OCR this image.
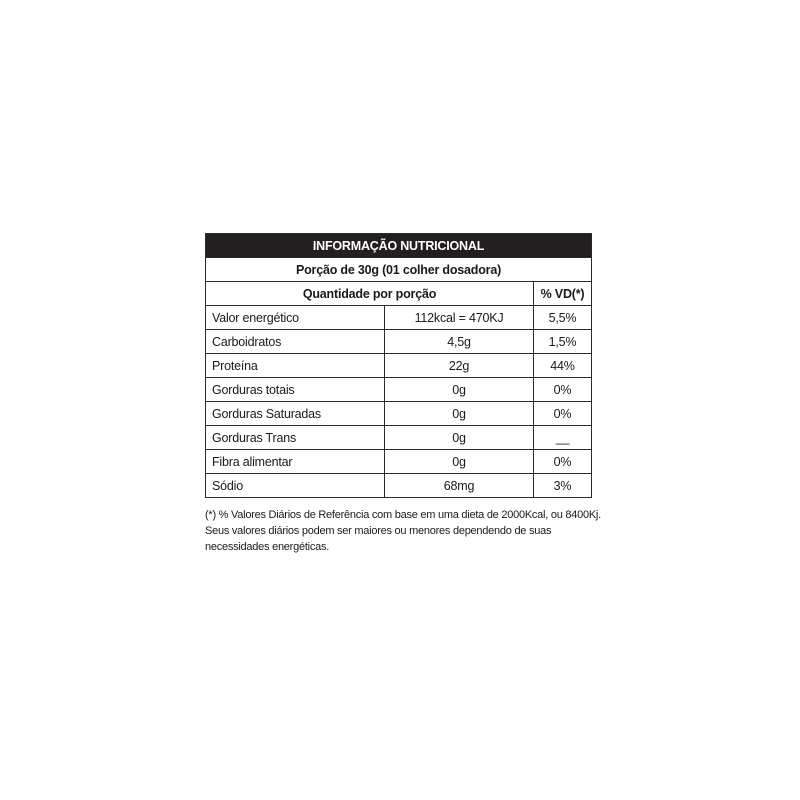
INFORMAÇÃO NUTRICIONAL		
Porção de 30g (01 colher dosadora)		
Quantidade por porção		% VD(*)
Valor energético	112kcal = 470KJ	5,5%
Carboidratos	4,5g	1,5%
Proteína	22g	44%
Gorduras totais	0g	0%
Gorduras Saturadas	0g	0%
Gorduras Trans	0g	__
Fibra alimentar	0g	0%
Sódio	68mg	3%
(*) % Valores Diários de Referência com base em uma dieta de 2000Kcal, ou 8400Kj. Seus valores diários podem ser maiores ou menores dependendo de suas necessidades energéticas.
